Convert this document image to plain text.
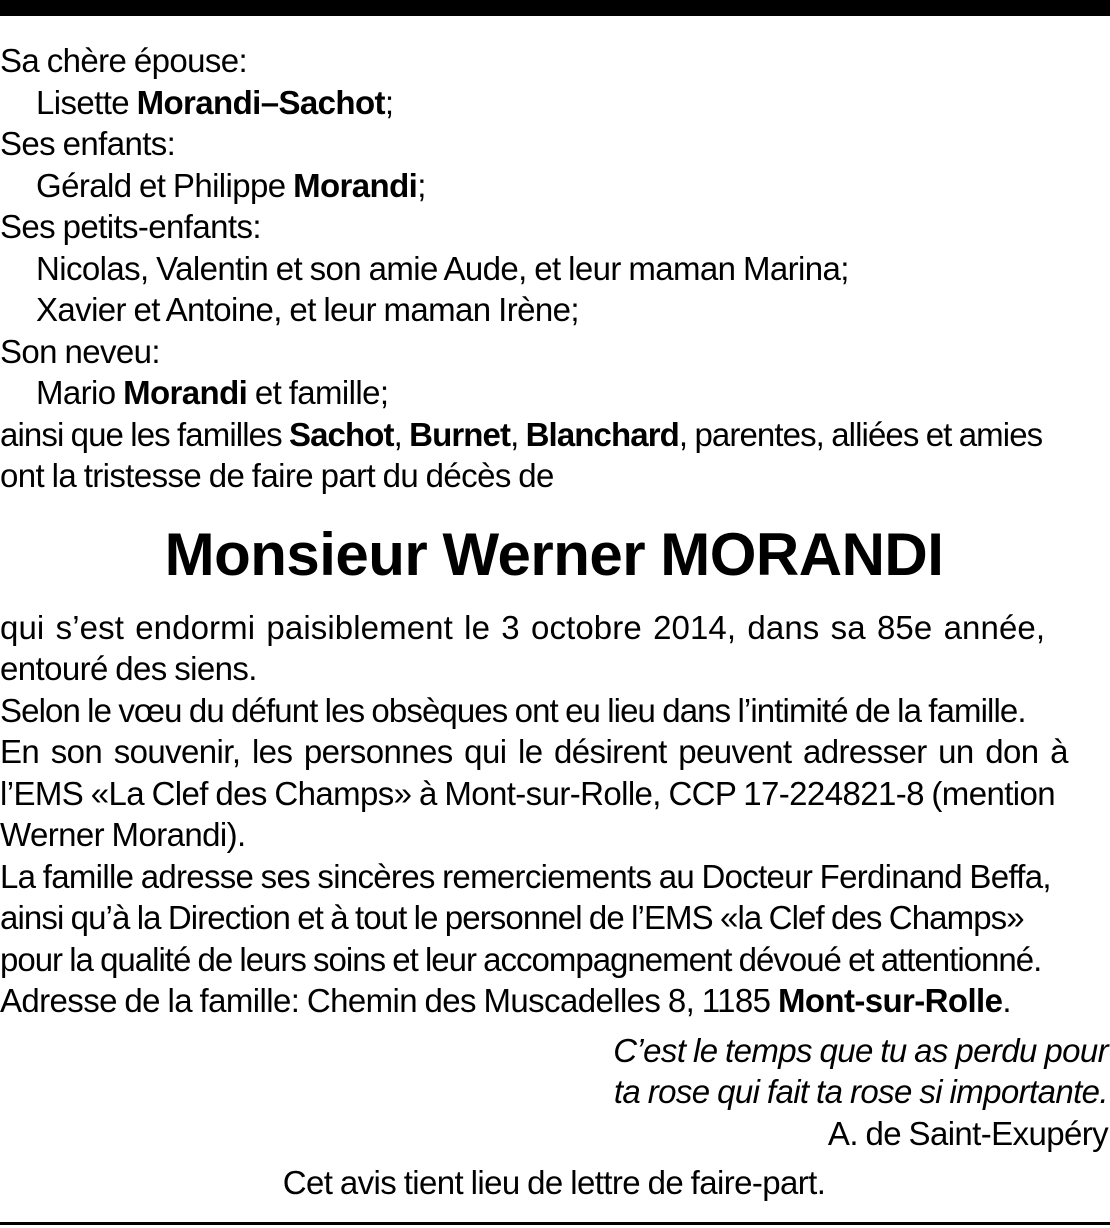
Sa chère épouse:
Lisette Morandi–Sachot;
Ses enfants:
Gérald et Philippe Morandi;
Ses petits-enfants:
Nicolas, Valentin et son amie Aude, et leur maman Marina;
Xavier et Antoine, et leur maman Irène;
Son neveu:
Mario Morandi et famille;
ainsi que les familles Sachot, Burnet, Blanchard, parentes, alliées et amies
ont la tristesse de faire part du décès de
Monsieur Werner MORANDI
qui s’est endormi paisiblement le 3 octobre 2014, dans sa 85e année,
entouré des siens.
Selon le vœu du défunt les obsèques ont eu lieu dans l’intimité de la famille.
En son souvenir, les personnes qui le désirent peuvent adresser un don à
l’EMS «La Clef des Champs» à Mont-sur-Rolle, CCP 17-224821-8 (mention
Werner Morandi).
La famille adresse ses sincères remerciements au Docteur Ferdinand Beffa,
ainsi qu’à la Direction et à tout le personnel de l’EMS «la Clef des Champs»
pour la qualité de leurs soins et leur accompagnement dévoué et attentionné.
Adresse de la famille: Chemin des Muscadelles 8, 1185 Mont-sur-Rolle.
C’est le temps que tu as perdu pour
ta rose qui fait ta rose si importante.
A. de Saint-Exupéry
Cet avis tient lieu de lettre de faire-part.
